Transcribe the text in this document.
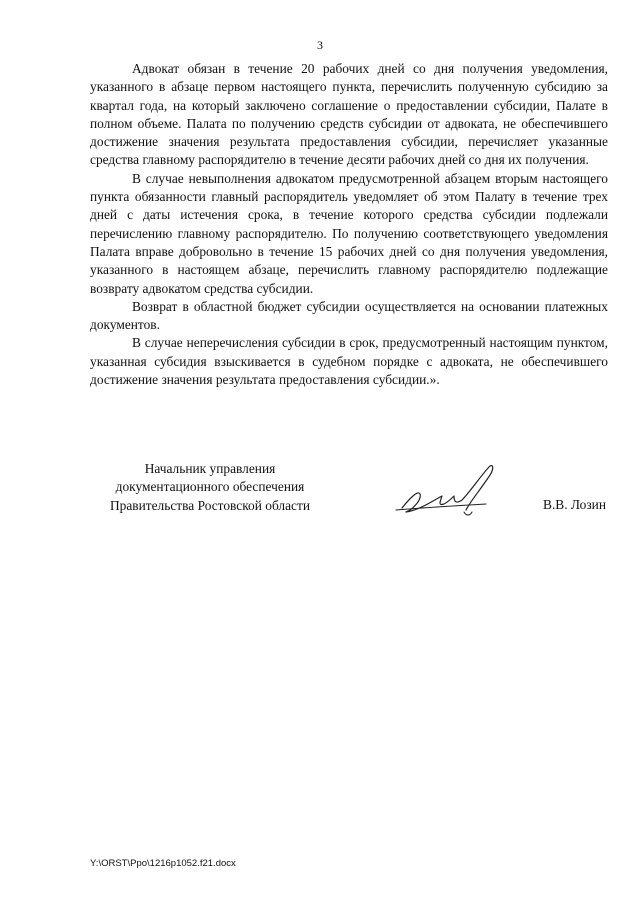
3

Адвокат обязан в течение 20 рабочих дней со дня получения уведомления, указанного в абзаце первом настоящего пункта, перечислить полученную субсидию за квартал года, на который заключено соглашение о предоставлении субсидии, Палате в полном объеме. Палата по получению средств субсидии от адвоката, не обеспечившего достижение значения результата предоставления субсидии, перечисляет указанные средства главному распорядителю в течение десяти рабочих дней со дня их получения.

В случае невыполнения адвокатом предусмотренной абзацем вторым настоящего пункта обязанности главный распорядитель уведомляет об этом Палату в течение трех дней с даты истечения срока, в течение которого средства субсидии подлежали перечислению главному распорядителю. По получению соответствующего уведомления Палата вправе добровольно в течение 15 рабочих дней со дня получения уведомления, указанного в настоящем абзаце, перечислить главному распорядителю подлежащие возврату адвокатом средства субсидии.

Возврат в областной бюджет субсидии осуществляется на основании платежных документов.

В случае неперечисления субсидии в срок, предусмотренный настоящим пунктом, указанная субсидия взыскивается в судебном порядке с адвоката, не обеспечившего достижение значения результата предоставления субсидии.».

Начальник управления
документационного обеспечения
Правительства Ростовской области	В.В. Лозин
Y:\ORST\Ppo\1216p1052.f21.docx
